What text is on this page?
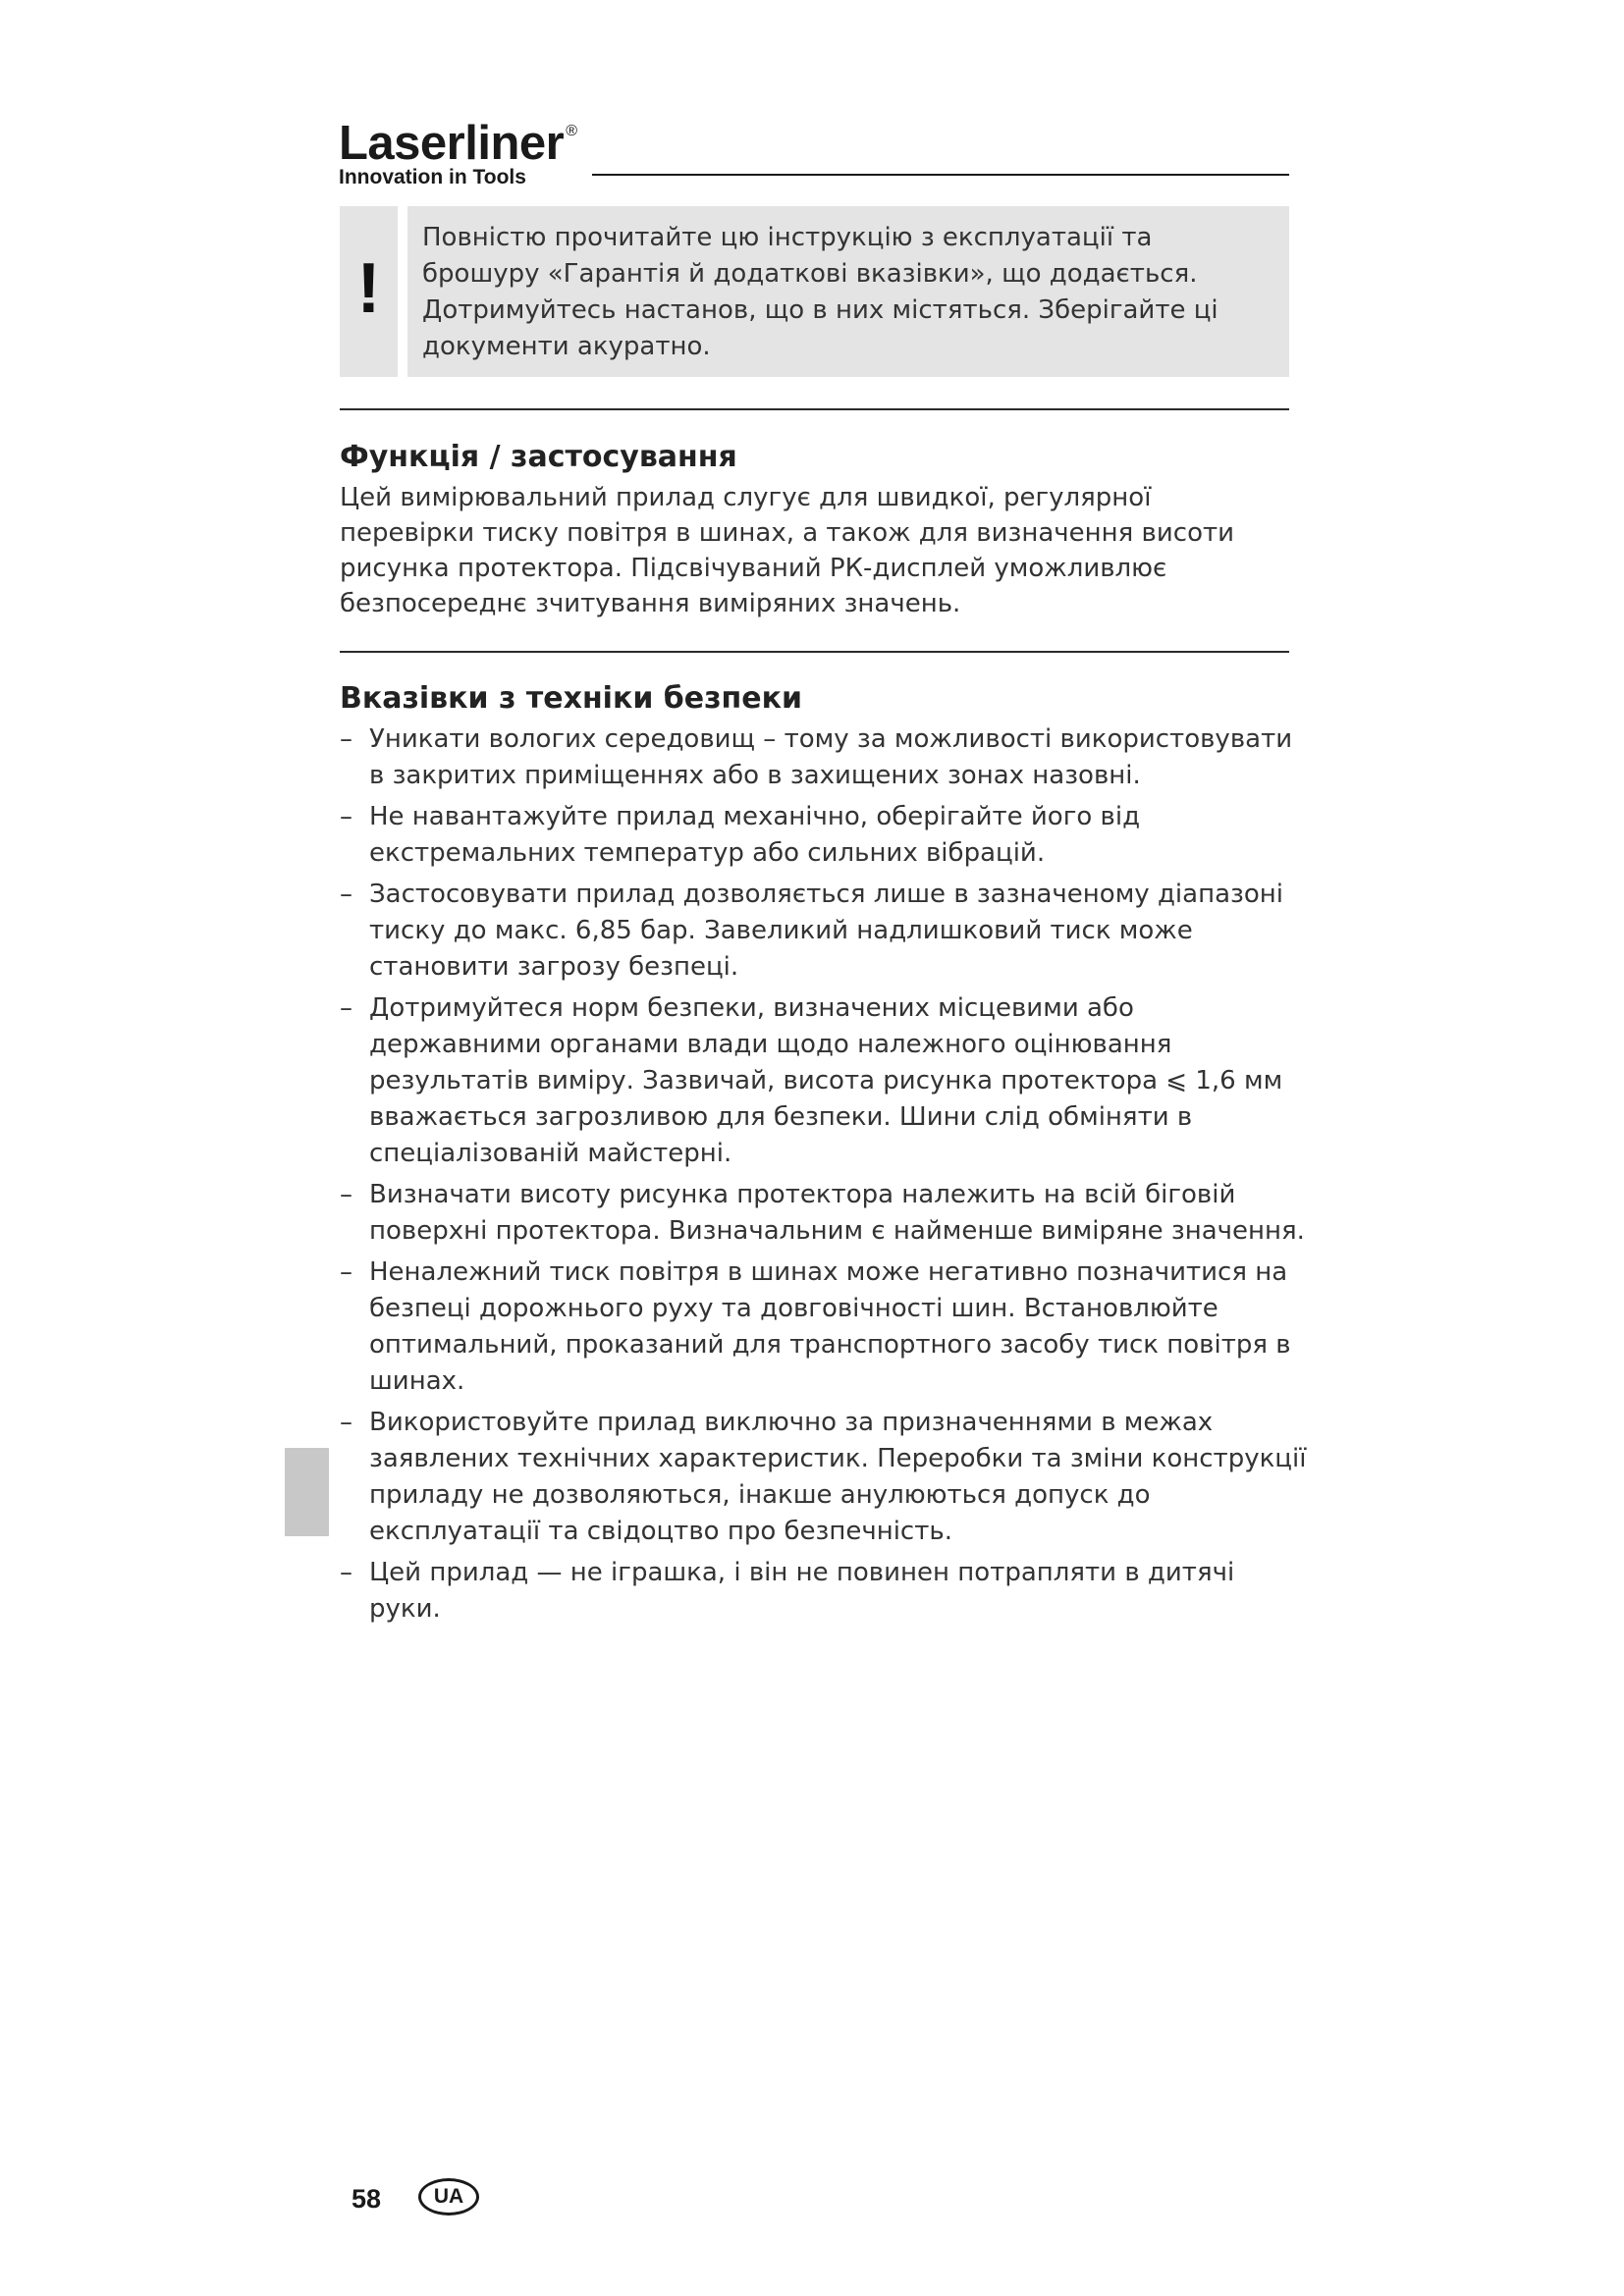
Laserliner ®
Innovation in Tools
!
Повністю прочитайте цю інструкцію з експлуатації та брошуру «Гарантія й додаткові вказівки», що додається. Дотримуйтесь настанов, що в них містяться. Зберігайте ці документи акуратно.
Функція / застосування
Цей вимірювальний прилад слугує для швидкої, регулярної перевірки тиску повітря в шинах, а також для визначення висоти рисунка протектора. Підсвічуваний РК-дисплей уможливлює безпосереднє зчитування виміряних значень.
Вказівки з техніки безпеки
– Уникати вологих середовищ – тому за можливості використовувати в закритих приміщеннях або в захищених зонах назовні.
– Не навантажуйте прилад механічно, оберігайте його від екстремальних температур або сильних вібрацій.
– Застосовувати прилад дозволяється лише в зазначеному діапазоні тиску до макс. 6,85 бар. Завеликий надлишковий тиск може становити загрозу безпеці.
– Дотримуйтеся норм безпеки, визначених місцевими або державними органами влади щодо належного оцінювання результатів виміру. Зазвичай, висота рисунка протектора ⩽ 1,6 мм вважається загрозливою для безпеки. Шини слід обміняти в спеціалізованій майстерні.
– Визначати висоту рисунка протектора належить на всій біговій поверхні протектора. Визначальним є найменше виміряне значення.
– Неналежний тиск повітря в шинах може негативно позначитися на безпеці дорожнього руху та довговічності шин. Встановлюйте оптимальний, проказаний для транспортного засобу тиск повітря в шинах.
– Використовуйте прилад виключно за призначеннями в межах заявлених технічних характеристик. Переробки та зміни конструкції приладу не дозволяються, інакше анулюються допуск до експлуатації та свідоцтво про безпечність.
– Цей прилад — не іграшка, і він не повинен потрапляти в дитячі руки.
58	UA
